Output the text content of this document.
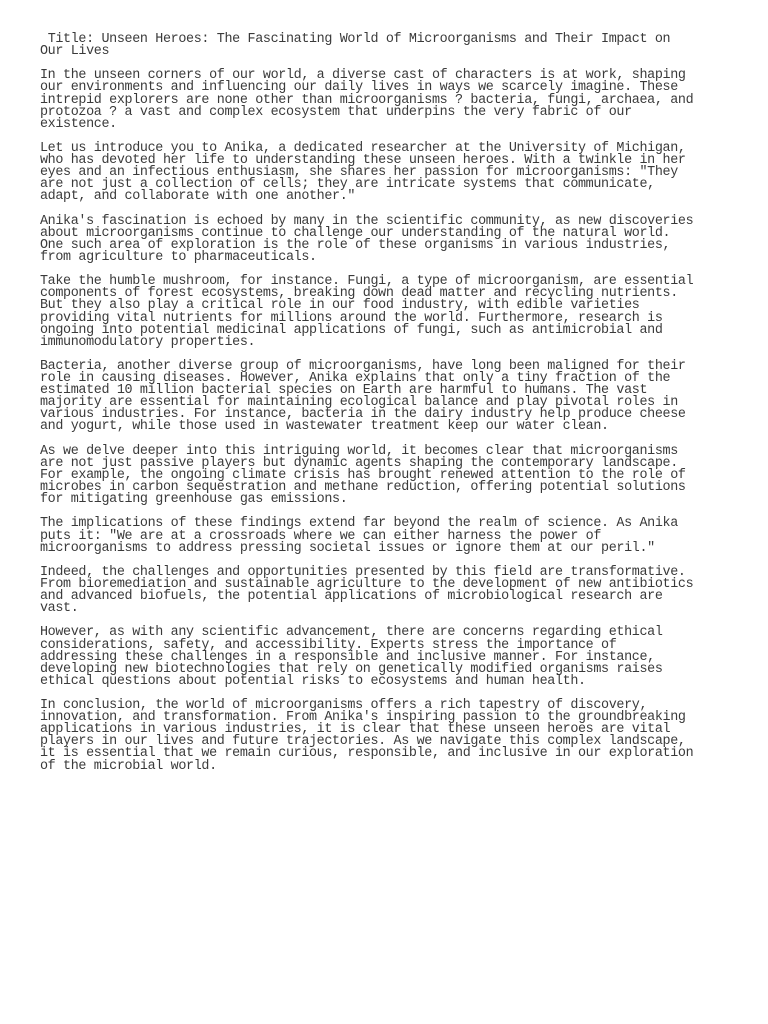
Title: Unseen Heroes: The Fascinating World of Microorganisms and Their Impact on
Our Lives

In the unseen corners of our world, a diverse cast of characters is at work, shaping
our environments and influencing our daily lives in ways we scarcely imagine. These
intrepid explorers are none other than microorganisms ? bacteria, fungi, archaea, and
protozoa ? a vast and complex ecosystem that underpins the very fabric of our
existence.

Let us introduce you to Anika, a dedicated researcher at the University of Michigan,
who has devoted her life to understanding these unseen heroes. With a twinkle in her
eyes and an infectious enthusiasm, she shares her passion for microorganisms: "They
are not just a collection of cells; they are intricate systems that communicate,
adapt, and collaborate with one another."

Anika's fascination is echoed by many in the scientific community, as new discoveries
about microorganisms continue to challenge our understanding of the natural world.
One such area of exploration is the role of these organisms in various industries,
from agriculture to pharmaceuticals.

Take the humble mushroom, for instance. Fungi, a type of microorganism, are essential
components of forest ecosystems, breaking down dead matter and recycling nutrients.
But they also play a critical role in our food industry, with edible varieties
providing vital nutrients for millions around the world. Furthermore, research is
ongoing into potential medicinal applications of fungi, such as antimicrobial and
immunomodulatory properties.

Bacteria, another diverse group of microorganisms, have long been maligned for their
role in causing diseases. However, Anika explains that only a tiny fraction of the
estimated 10 million bacterial species on Earth are harmful to humans. The vast
majority are essential for maintaining ecological balance and play pivotal roles in
various industries. For instance, bacteria in the dairy industry help produce cheese
and yogurt, while those used in wastewater treatment keep our water clean.

As we delve deeper into this intriguing world, it becomes clear that microorganisms
are not just passive players but dynamic agents shaping the contemporary landscape.
For example, the ongoing climate crisis has brought renewed attention to the role of
microbes in carbon sequestration and methane reduction, offering potential solutions
for mitigating greenhouse gas emissions.

The implications of these findings extend far beyond the realm of science. As Anika
puts it: "We are at a crossroads where we can either harness the power of
microorganisms to address pressing societal issues or ignore them at our peril."

Indeed, the challenges and opportunities presented by this field are transformative.
From bioremediation and sustainable agriculture to the development of new antibiotics
and advanced biofuels, the potential applications of microbiological research are
vast.

However, as with any scientific advancement, there are concerns regarding ethical
considerations, safety, and accessibility. Experts stress the importance of
addressing these challenges in a responsible and inclusive manner. For instance,
developing new biotechnologies that rely on genetically modified organisms raises
ethical questions about potential risks to ecosystems and human health.

In conclusion, the world of microorganisms offers a rich tapestry of discovery,
innovation, and transformation. From Anika's inspiring passion to the groundbreaking
applications in various industries, it is clear that these unseen heroes are vital
players in our lives and future trajectories. As we navigate this complex landscape,
it is essential that we remain curious, responsible, and inclusive in our exploration
of the microbial world.
